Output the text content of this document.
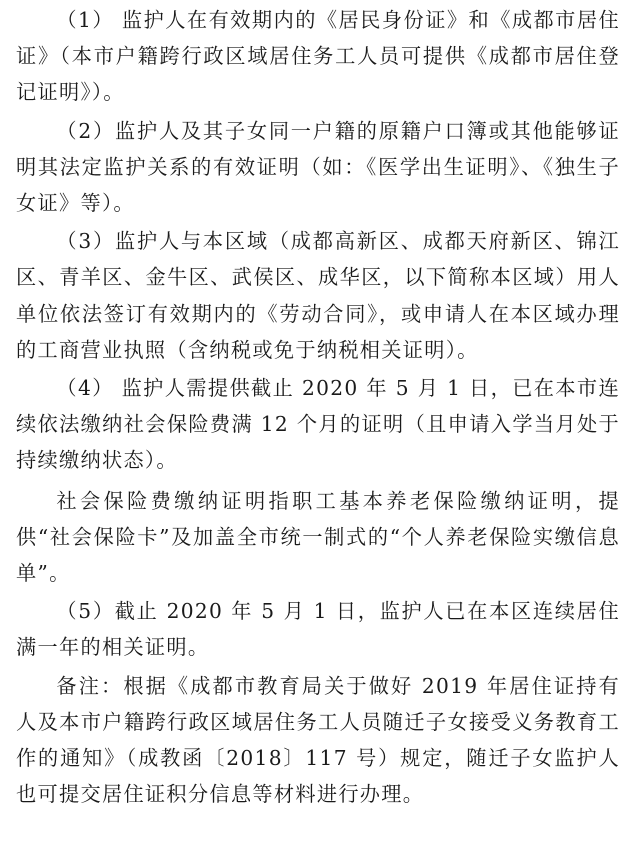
（1） 监护人在有效期内的《居民身份证》和《成都市居住证》（本市户籍跨行政区域居住务工人员可提供《成都市居住登记证明》）。

（2）监护人及其子女同一户籍的原籍户口簿或其他能够证明其法定监护关系的有效证明（如：《医学出生证明》、《独生子女证》等）。

（3）监护人与本区域（成都高新区、成都天府新区、锦江区、青羊区、金牛区、武侯区、成华区，以下简称本区域）用人单位依法签订有效期内的《劳动合同》，或申请人在本区域办理的工商营业执照（含纳税或免于纳税相关证明）。

（4） 监护人需提供截止 2020 年 5 月 1 日，已在本市连续依法缴纳社会保险费满 12 个月的证明（且申请入学当月处于持续缴纳状态）。

社会保险费缴纳证明指职工基本养老保险缴纳证明，提供“社会保险卡”及加盖全市统一制式的“个人养老保险实缴信息单”。

（5）截止 2020 年 5 月 1 日，监护人已在本区连续居住满一年的相关证明。

备注：根据《成都市教育局关于做好 2019 年居住证持有人及本市户籍跨行政区域居住务工人员随迁子女接受义务教育工作的通知》（成教函〔2018〕117 号）规定，随迁子女监护人也可提交居住证积分信息等材料进行办理。
